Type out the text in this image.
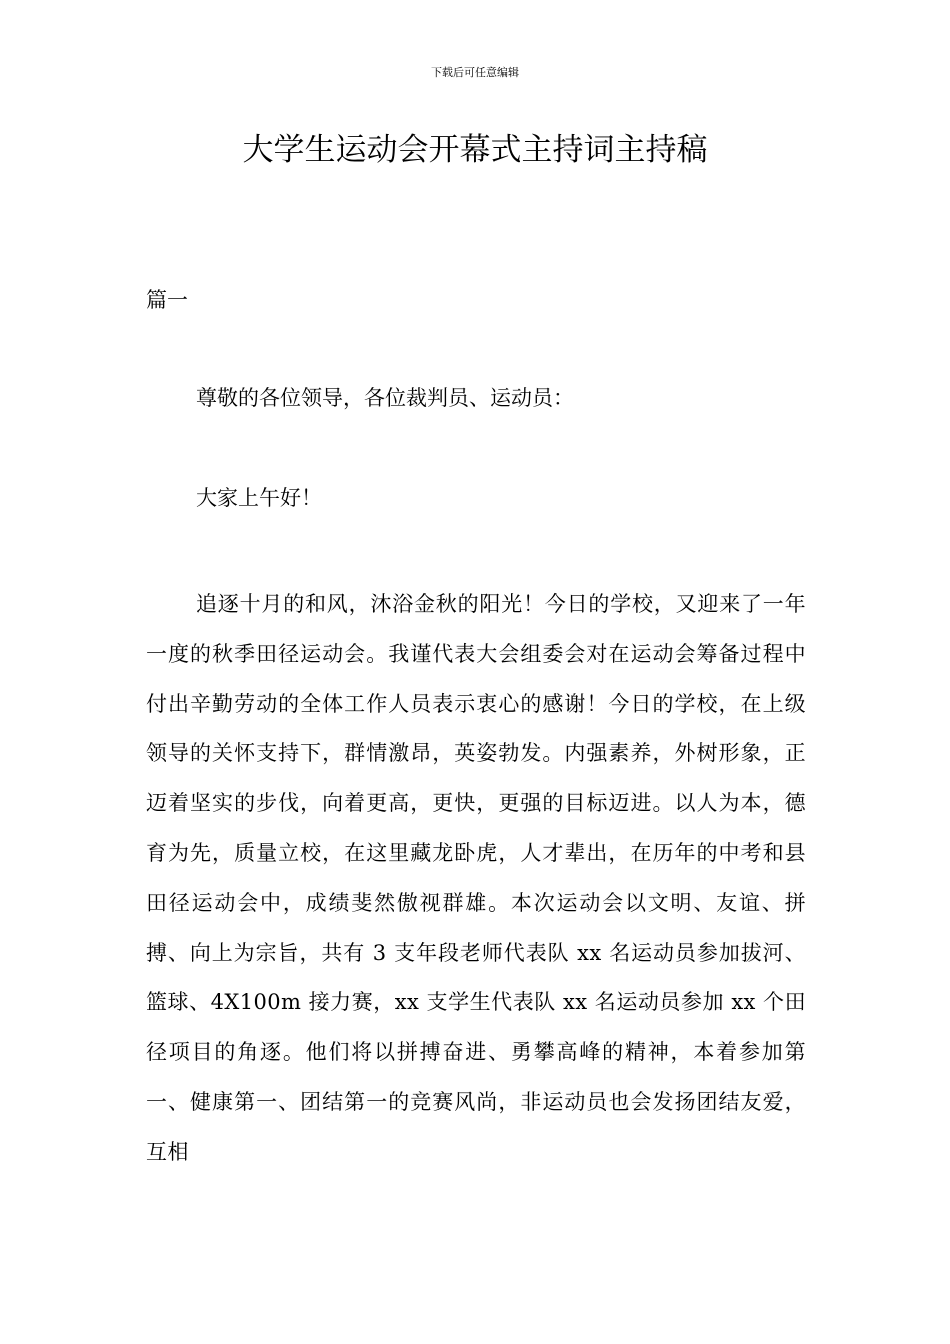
下载后可任意编辑
大学生运动会开幕式主持词主持稿
篇一
尊敬的各位领导，各位裁判员、运动员：
大家上午好！

追逐十月的和风，沐浴金秋的阳光！今日的学校，又迎来了一年一度的秋季田径运动会。我谨代表大会组委会对在运动会筹备过程中付出辛勤劳动的全体工作人员表示衷心的感谢！今日的学校，在上级领导的关怀支持下，群情激昂，英姿勃发。内强素养，外树形象，正迈着坚实的步伐，向着更高，更快，更强的目标迈进。以人为本，德育为先，质量立校，在这里藏龙卧虎，人才辈出，在历年的中考和县田径运动会中，成绩斐然傲视群雄。本次运动会以文明、友谊、拼搏、向上为宗旨，共有 3 支年段老师代表队 xx 名运动员参加拔河、篮球、4X100m 接力赛，xx 支学生代表队 xx 名运动员参加 xx 个田径项目的角逐。他们将以拼搏奋进、勇攀高峰的精神，本着参加第一、健康第一、团结第一的竞赛风尚，非运动员也会发扬团结友爱，互相
